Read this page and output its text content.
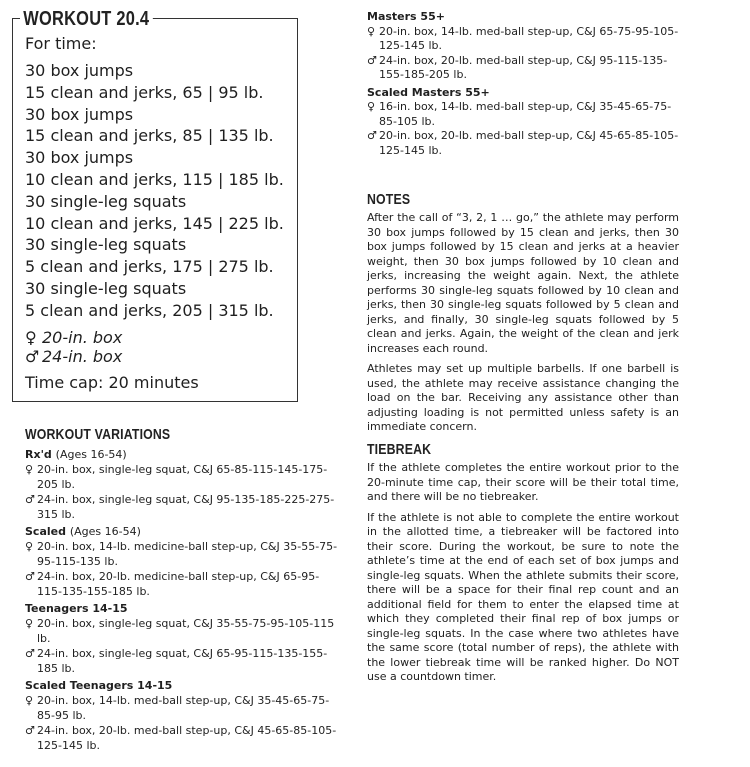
WORKOUT 20.4
For time:
30 box jumps
15 clean and jerks, 65 | 95 lb.
30 box jumps
15 clean and jerks, 85 | 135 lb.
30 box jumps
10 clean and jerks, 115 | 185 lb.
30 single-leg squats
10 clean and jerks, 145 | 225 lb.
30 single-leg squats
5 clean and jerks, 175 | 275 lb.
30 single-leg squats
5 clean and jerks, 205 | 315 lb.
♀ 20-in. box
♂ 24-in. box
Time cap: 20 minutes
WORKOUT VARIATIONS
Rx'd (Ages 16-54)
♀ 20-in. box, single-leg squat, C&J 65-85-115-145-175-205 lb.
♂ 24-in. box, single-leg squat, C&J 95-135-185-225-275-315 lb.
Scaled (Ages 16-54)
♀ 20-in. box, 14-lb. medicine-ball step-up, C&J 35-55-75-95-115-135 lb.
♂ 24-in. box, 20-lb. medicine-ball step-up, C&J 65-95-115-135-155-185 lb.
Teenagers 14-15
♀ 20-in. box, single-leg squat, C&J 35-55-75-95-105-115 lb.
♂ 24-in. box, single-leg squat, C&J 65-95-115-135-155-185 lb.
Scaled Teenagers 14-15
♀ 20-in. box, 14-lb. med-ball step-up, C&J 35-45-65-75-85-95 lb.
♂ 24-in. box, 20-lb. med-ball step-up, C&J 45-65-85-105-125-145 lb.
Masters 55+
♀ 20-in. box, 14-lb. med-ball step-up, C&J 65-75-95-105-125-145 lb.
♂ 24-in. box, 20-lb. med-ball step-up, C&J 95-115-135-155-185-205 lb.
Scaled Masters 55+
♀ 16-in. box, 14-lb. med-ball step-up, C&J 35-45-65-75-85-105 lb.
♂ 20-in. box, 20-lb. med-ball step-up, C&J 45-65-85-105-125-145 lb.
NOTES

After the call of “3, 2, 1 … go,” the athlete may perform 30 box jumps followed by 15 clean and jerks, then 30 box jumps followed by 15 clean and jerks at a heavier weight, then 30 box jumps followed by 10 clean and jerks, increasing the weight again. Next, the athlete performs 30 single-leg squats followed by 10 clean and jerks, then 30 single-leg squats followed by 5 clean and jerks, and finally, 30 single-leg squats followed by 5 clean and jerks. Again, the weight of the clean and jerk increases each round.

Athletes may set up multiple barbells. If one barbell is used, the athlete may receive assistance changing the load on the bar. Receiving any assistance other than adjusting loading is not permitted unless safety is an immediate concern.

TIEBREAK

If the athlete completes the entire workout prior to the 20-minute time cap, their score will be their total time, and there will be no tiebreaker.

If the athlete is not able to complete the entire workout in the allotted time, a tiebreaker will be factored into their score. During the workout, be sure to note the athlete’s time at the end of each set of box jumps and single-leg squats. When the athlete submits their score, there will be a space for their final rep count and an additional field for them to enter the elapsed time at which they completed their final rep of box jumps or single-leg squats. In the case where two athletes have the same score (total number of reps), the athlete with the lower tiebreak time will be ranked higher. Do NOT use a countdown timer.
